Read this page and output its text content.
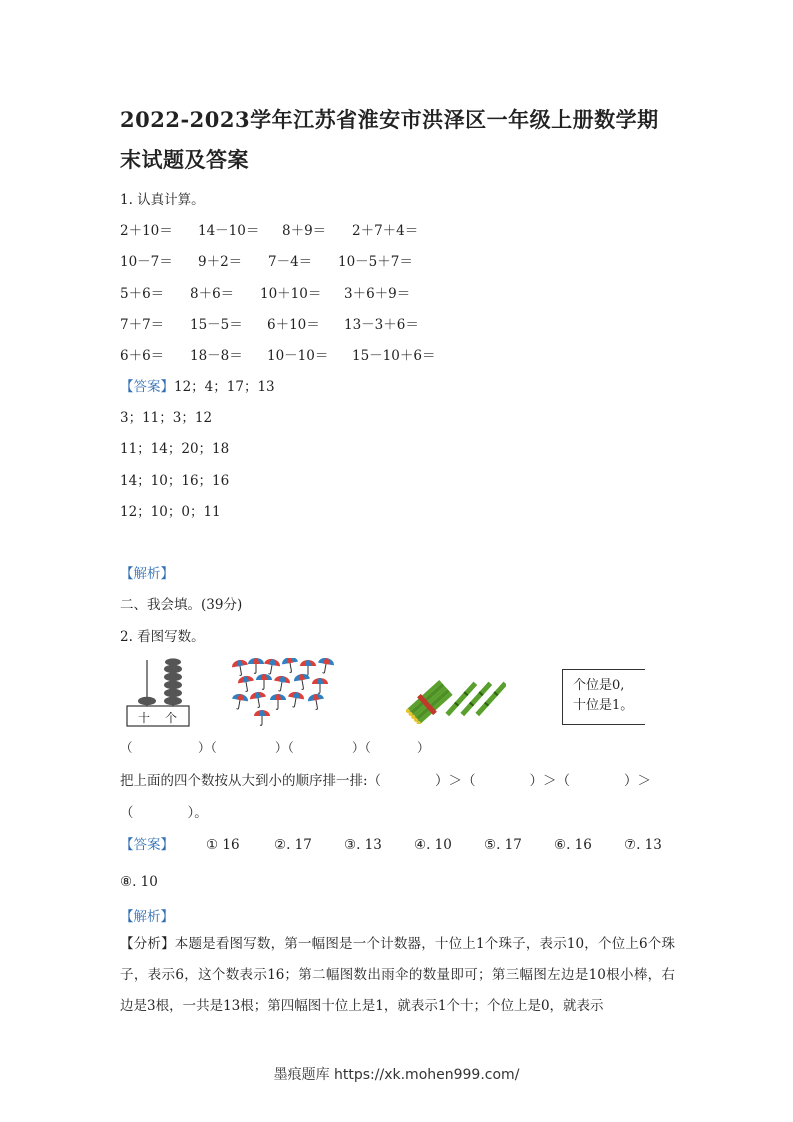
2022-2023学年江苏省淮安市洪泽区一年级上册数学期末试题及答案
1. 认真计算。
2＋10＝ 14－10＝ 8＋9＝ 2＋7＋4＝
10－7＝ 9＋2＝ 7－4＝ 10－5＋7＝
5＋6＝ 8＋6＝ 10＋10＝ 3＋6＋9＝
7＋7＝ 15－5＝ 6＋10＝ 13－3＋6＝
6＋6＝ 18－8＝ 10－10＝ 15－10＋6＝
【答案】12；4；17；13
3；11；3；12
11；14；20；18
14；10；16；16
12；10；0；11
【解析】
二、我会填。(39分)
2. 看图写数。
十 个
个位是0,
十位是1。
（	）（	）（	）（	）
把上面的四个数按从大到小的顺序排一排:（　　　　）＞（　　　　）＞（　　　　）＞
（　　　　）。
【答案】 ① 16	②. 17 ③. 13 ④. 10 ⑤. 17 ⑥. 16 ⑦. 13
⑧. 10
【解析】
【分析】本题是看图写数，第一幅图是一个计数器，十位上1个珠子，表示10，个位上6个珠子，表示6，这个数表示16；第二幅图数出雨伞的数量即可；第三幅图左边是10根小棒，右边是3根，一共是13根；第四幅图十位上是1，就表示1个十；个位上是0，就表示
墨痕题库 https://xk.mohen999.com/
